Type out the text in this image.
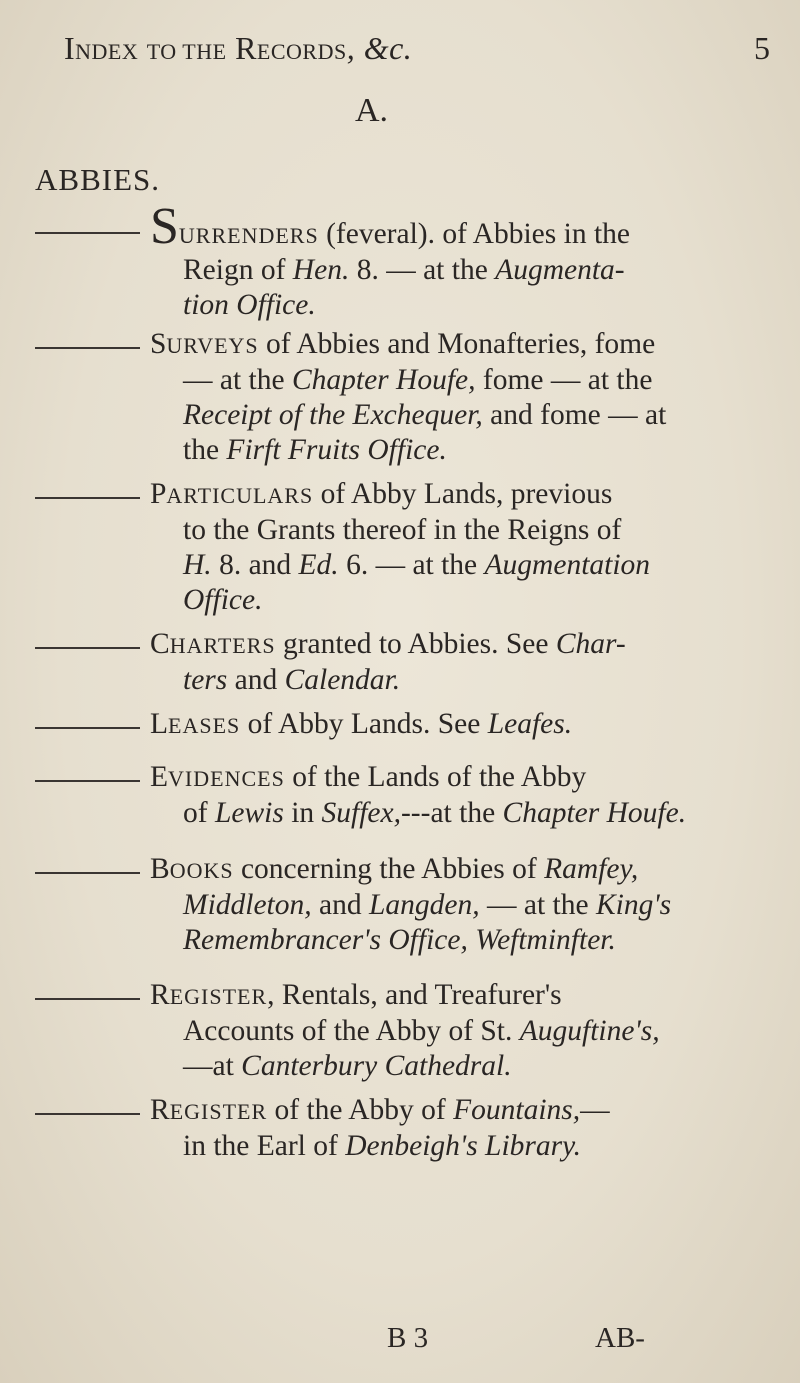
INDEX TO THE RECORDS, &c.	5
A.
ABBIES.
SURRENDERS (feveral). of Abbies in the
Reign of Hen. 8. — at the Augmenta-
tion Office.
SURVEYS of Abbies and Monafteries, fome
— at the Chapter Houfe, fome — at the
Receipt of the Exchequer, and fome — at
the Firft Fruits Office.
PARTICULARS of Abby Lands, previous
to the Grants thereof in the Reigns of
H. 8. and Ed. 6. — at the Augmentation
Office.
CHARTERS granted to Abbies. See Char-
ters and Calendar.
LEASES of Abby Lands. See Leafes.
EVIDENCES of the Lands of the Abby
of Lewis in Suffex,---at the Chapter Houfe.
BOOKS concerning the Abbies of Ramfey,
Middleton, and Langden, — at the King's
Remembrancer's Office, Weftminfter.
REGISTER, Rentals, and Treafurer's
Accounts of the Abby of St. Auguftine's,
—at Canterbury Cathedral.
REGISTER of the Abby of Fountains,—
in the Earl of Denbeigh's Library.
B 3	AB-
